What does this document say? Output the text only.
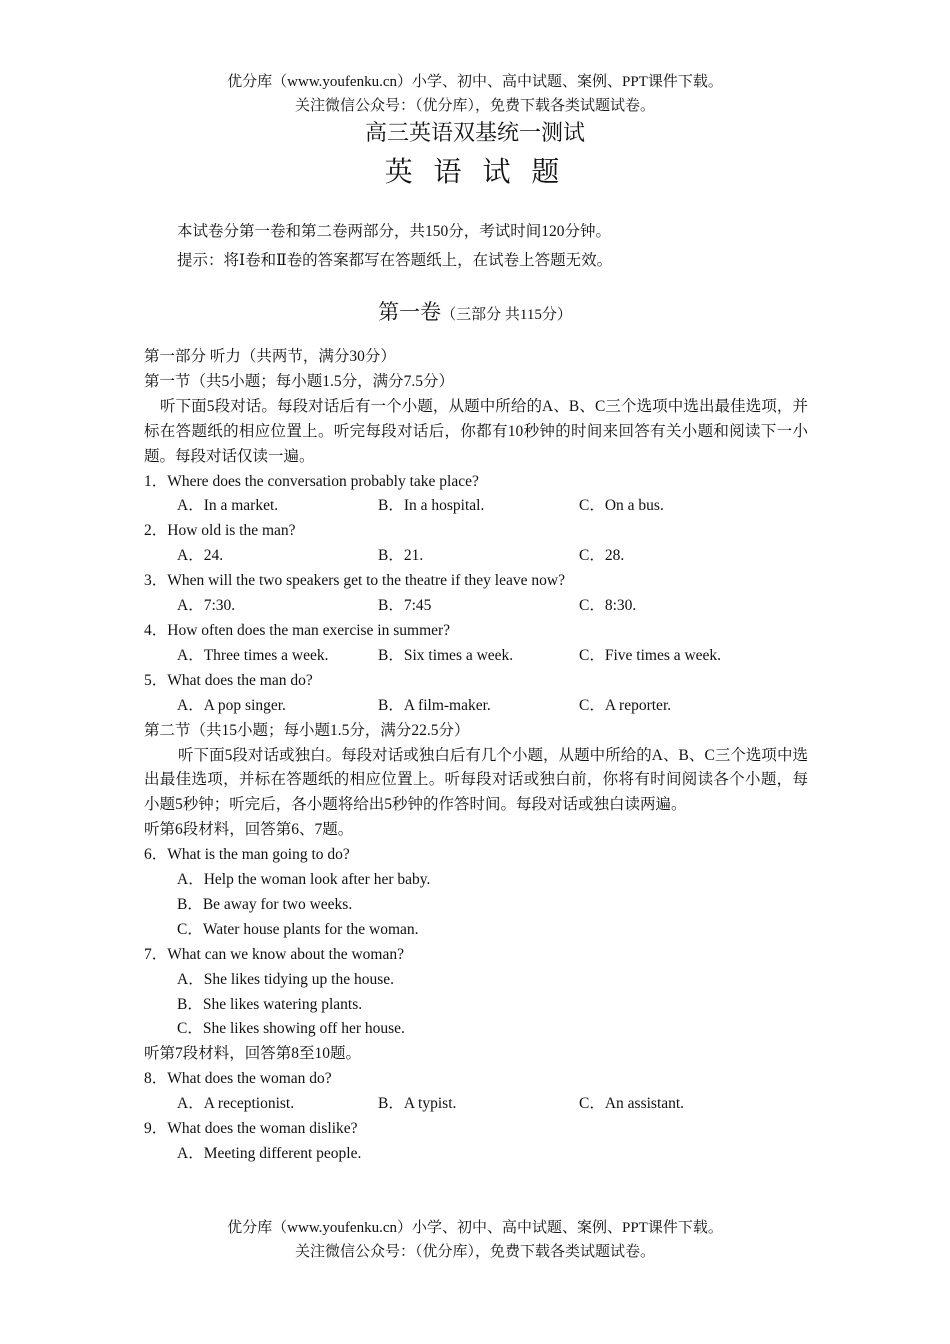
优分库（www.youfenku.cn）小学、初中、高中试题、案例、PPT课件下载。
关注微信公众号：（优分库），免费下载各类试题试卷。
高三英语双基统一测试
英 语 试 题
本试卷分第一卷和第二卷两部分，共150分，考试时间120分钟。
提示：将Ⅰ卷和Ⅱ卷的答案都写在答题纸上，在试卷上答题无效。
第一卷（三部分 共115分）
第一部分 听力（共两节，满分30分）
第一节（共5小题；每小题1.5分，满分7.5分）
听下面5段对话。每段对话后有一个小题，从题中所给的A、B、C三个选项中选出最佳选项，并标在答题纸的相应位置上。听完每段对话后，你都有10秒钟的时间来回答有关小题和阅读下一小题。每段对话仅读一遍。
1．Where does the conversation probably take place?
A．In a market.	B．In a hospital.	C．On a bus.
2．How old is the man?
A．24.	B．21.	C．28.
3．When will the two speakers get to the theatre if they leave now?
A．7:30.	B．7:45	C．8:30.
4．How often does the man exercise in summer?
A．Three times a week.	B．Six times a week.	C．Five times a week.
5．What does the man do?
A．A pop singer.	B．A film-maker.	C．A reporter.
第二节（共15小题；每小题1.5分，满分22.5分）
听下面5段对话或独白。每段对话或独白后有几个小题，从题中所给的A、B、C三个选项中选出最佳选项，并标在答题纸的相应位置上。听每段对话或独白前，你将有时间阅读各个小题，每小题5秒钟；听完后，各小题将给出5秒钟的作答时间。每段对话或独白读两遍。
听第6段材料，回答第6、7题。
6．What is the man going to do?
A．Help the woman look after her baby.
B．Be away for two weeks.
C．Water house plants for the woman.
7．What can we know about the woman?
A．She likes tidying up the house.
B．She likes watering plants.
C．She likes showing off her house.
听第7段材料，回答第8至10题。
8．What does the woman do?
A．A receptionist.	B．A typist.	C．An assistant.
9．What does the woman dislike?
A．Meeting different people.
优分库（www.youfenku.cn）小学、初中、高中试题、案例、PPT课件下载。
关注微信公众号：（优分库），免费下载各类试题试卷。
